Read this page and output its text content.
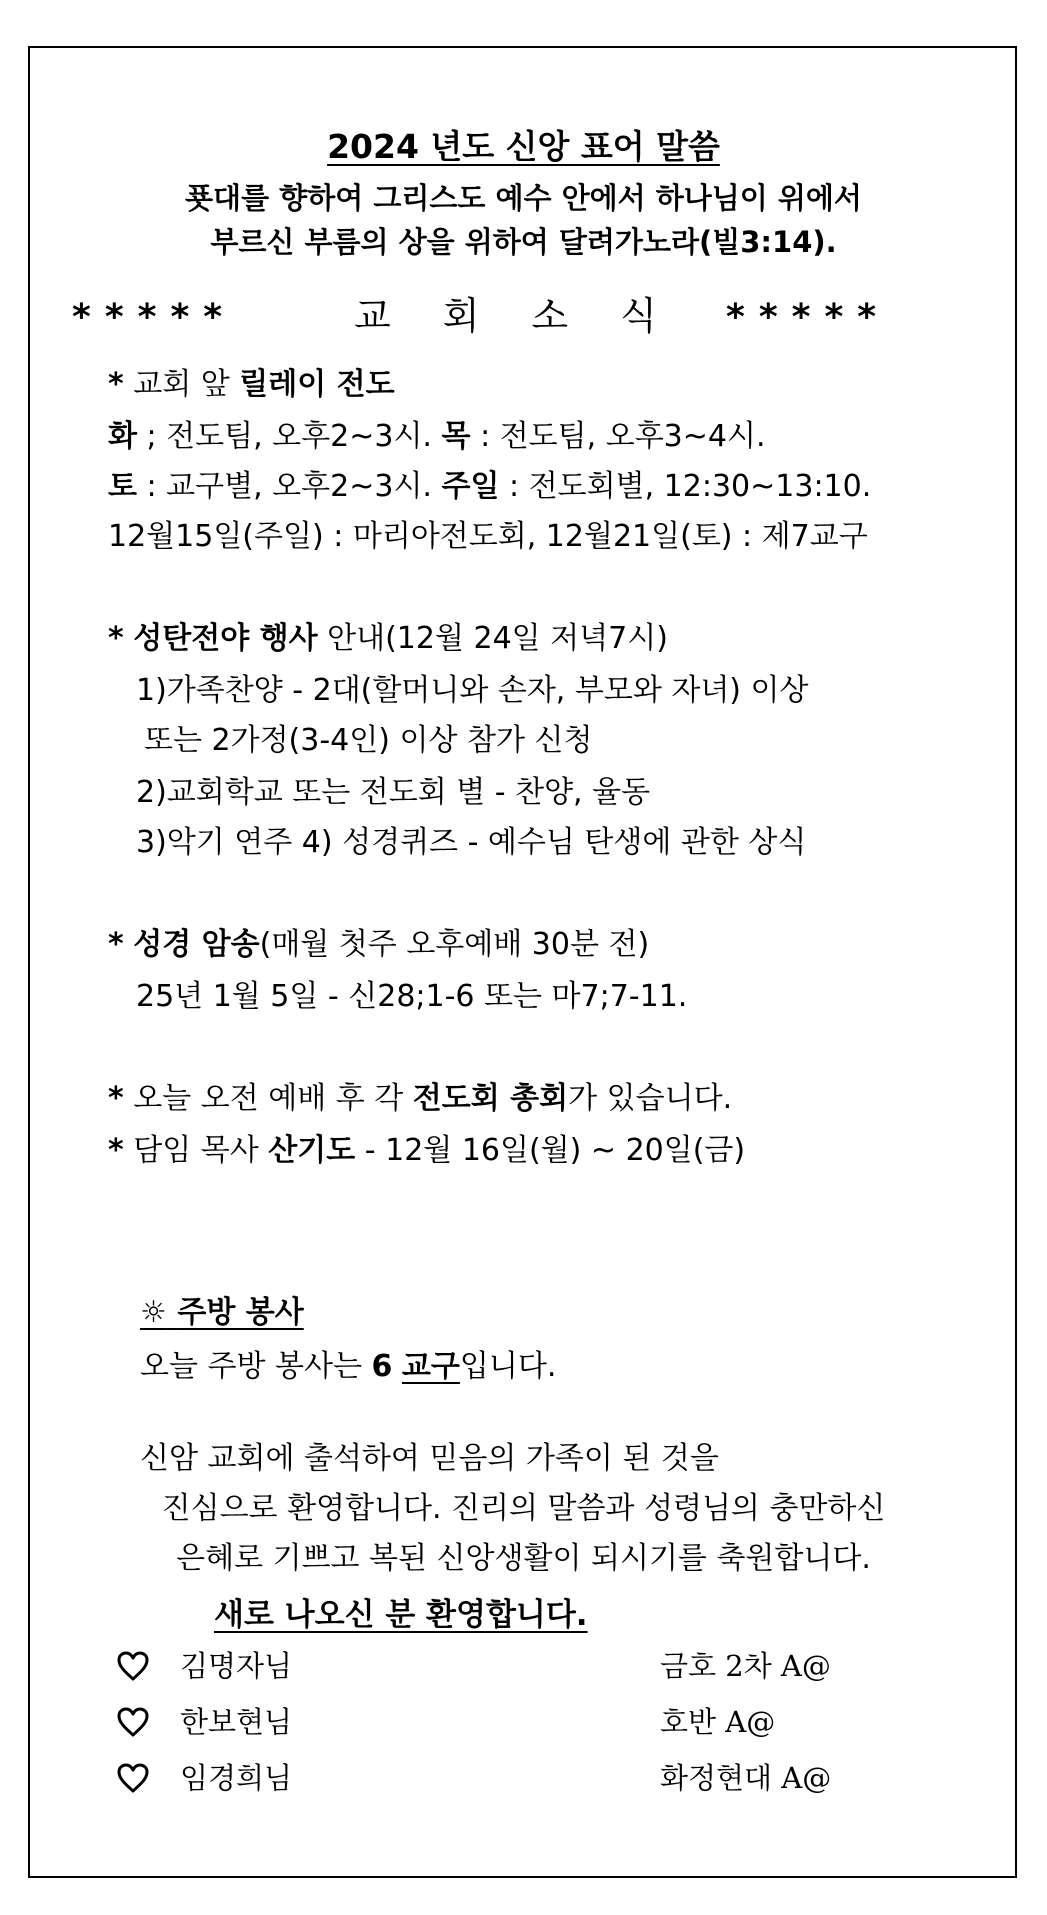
2024 년도 신앙 표어 말씀
푯대를 향하여 그리스도 예수 안에서 하나님이 위에서
부르신 부름의 상을 위하여 달려가노라(빌3:14).
*****	교회소식 *****
* 교회 앞 릴레이 전도
화 ; 전도팀, 오후2~3시. 목 : 전도팀, 오후3~4시.
토 : 교구별, 오후2~3시. 주일 : 전도회별, 12:30~13:10.
12월15일(주일) : 마리아전도회, 12월21일(토) : 제7교구
* 성탄전야 행사 안내(12월 24일 저녁7시)
1)가족찬양 - 2대(할머니와 손자, 부모와 자녀) 이상
또는 2가정(3-4인) 이상 참가 신청
2)교회학교 또는 전도회 별 - 찬양, 율동
3)악기 연주 4) 성경퀴즈 - 예수님 탄생에 관한 상식
* 성경 암송(매월 첫주 오후예배 30분 전)
25년 1월 5일 - 신28;1-6 또는 마7;7-11.
* 오늘 오전 예배 후 각 전도회 총회가 있습니다.
* 담임 목사 산기도 - 12월 16일(월) ~ 20일(금)
☼ 주방 봉사
오늘 주방 봉사는 6 교구입니다.
신암 교회에 출석하여 믿음의 가족이 된 것을
진심으로 환영합니다. 진리의 말씀과 성령님의 충만하신
은혜로 기쁘고 복된 신앙생활이 되시기를 축원합니다.
새로 나오신 분 환영합니다.
김명자님	금호 2차 A@
한보현님	호반 A@
임경희님	화정현대 A@
